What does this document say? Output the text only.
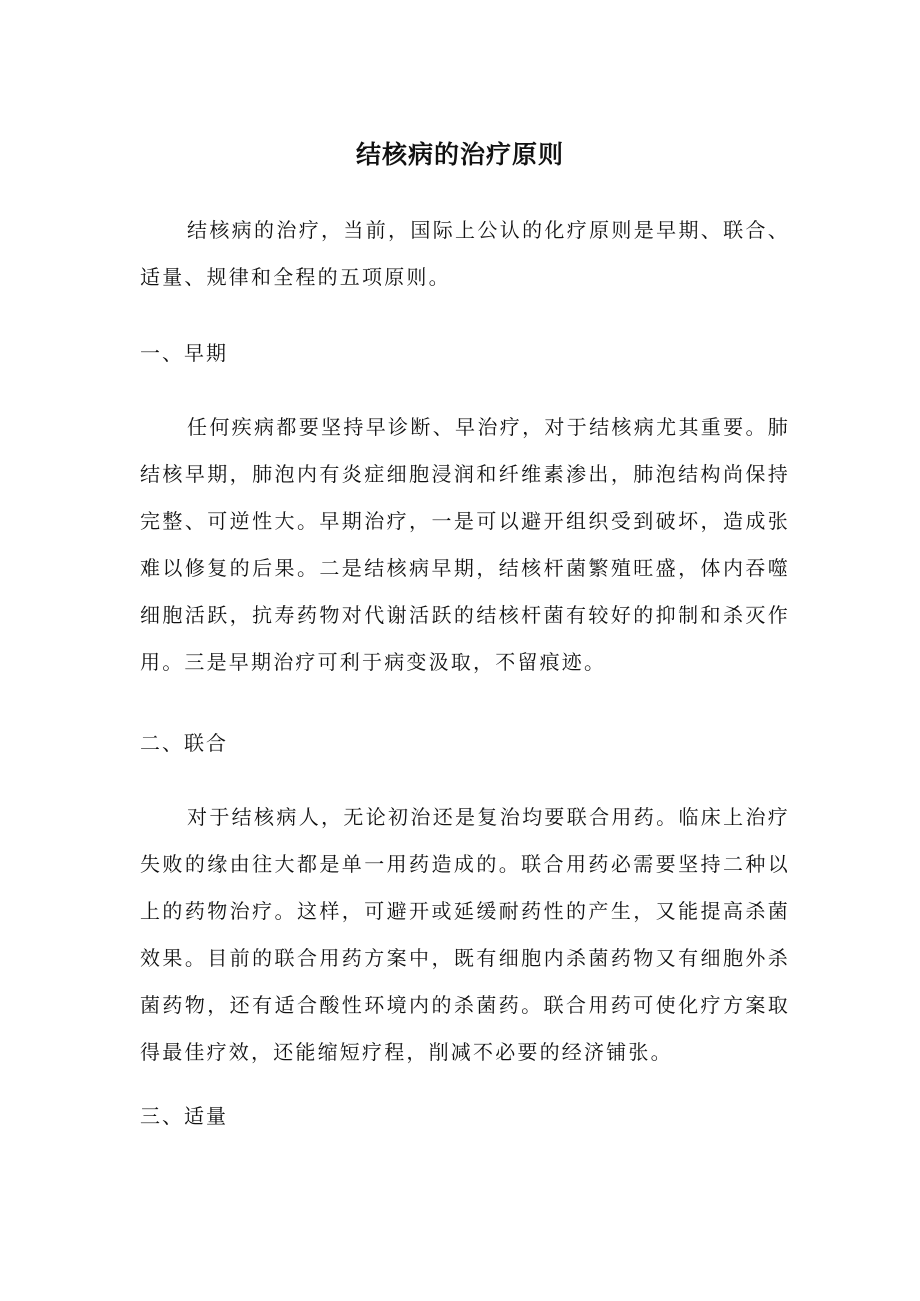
结核病的治疗原则

结核病的治疗，当前，国际上公认的化疗原则是早期、联合、适量、规律和全程的五项原则。

一、早期

任何疾病都要坚持早诊断、早治疗，对于结核病尤其重要。肺结核早期，肺泡内有炎症细胞浸润和纤维素渗出，肺泡结构尚保持完整、可逆性大。早期治疗，一是可以避开组织受到破坏，造成张难以修复的后果。二是结核病早期，结核杆菌繁殖旺盛，体内吞噬细胞活跃，抗寿药物对代谢活跃的结核杆菌有较好的抑制和杀灭作用。三是早期治疗可利于病变汲取，不留痕迹。

二、联合

对于结核病人，无论初治还是复治均要联合用药。临床上治疗失败的缘由往大都是单一用药造成的。联合用药必需要坚持二种以上的药物治疗。这样，可避开或延缓耐药性的产生，又能提高杀菌效果。目前的联合用药方案中，既有细胞内杀菌药物又有细胞外杀菌药物，还有适合酸性环境内的杀菌药。联合用药可使化疗方案取得最佳疗效，还能缩短疗程，削减不必要的经济铺张。

三、适量
